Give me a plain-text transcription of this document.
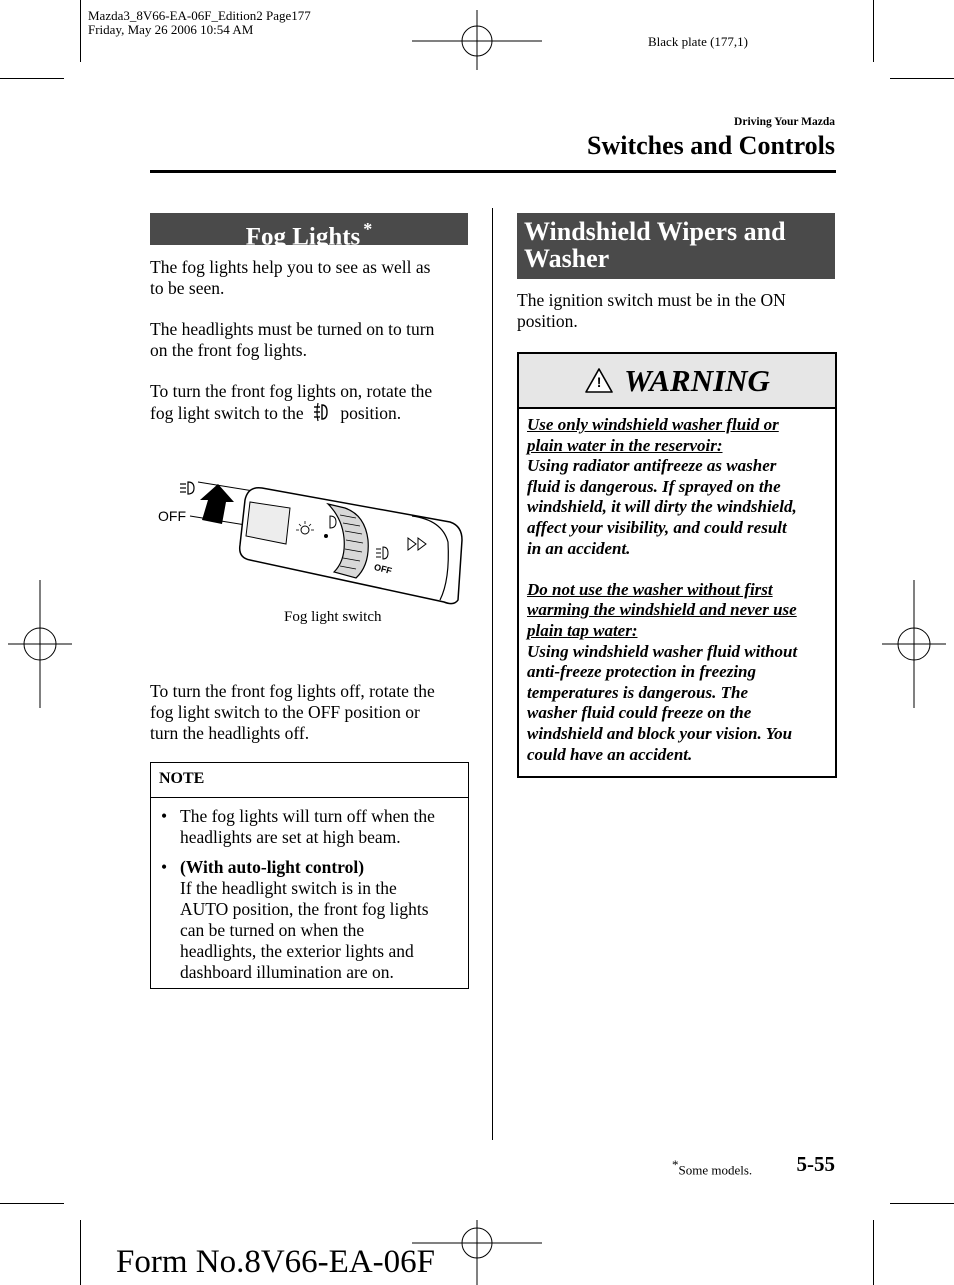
Mazda3_8V66-EA-06F_Edition2 Page177
Friday, May 26 2006 10:54 AM
Black plate (177,1)
Driving Your Mazda
Switches and Controls
Fog Lights *
The fog lights help you to see as well as
to be seen.
The headlights must be turned on to turn
on the front fog lights.
To turn the front fog lights on, rotate the
fog light switch to the position.
OFF
OFF
Fog light switch
To turn the front fog lights off, rotate the
fog light switch to the OFF position or
turn the headlights off.
NOTE
• The fog lights will turn off when the
headlights are set at high beam.
• (With auto-light control)
If the headlight switch is in the
AUTO position, the front fog lights
can be turned on when the
headlights, the exterior lights and
dashboard illumination are on.
Windshield Wipers and
Washer
The ignition switch must be in the ON
position.
! WARNING
Use only windshield washer fluid or
plain water in the reservoir:
Using radiator antifreeze as washer
fluid is dangerous. If sprayed on the
windshield, it will dirty the windshield,
affect your visibility, and could result
in an accident.
Do not use the washer without first
warming the windshield and never use
plain tap water:
Using windshield washer fluid without
anti-freeze protection in freezing
temperatures is dangerous. The
washer fluid could freeze on the
windshield and block your vision. You
could have an accident.
*Some models. 5-55
Form No.8V66-EA-06F
